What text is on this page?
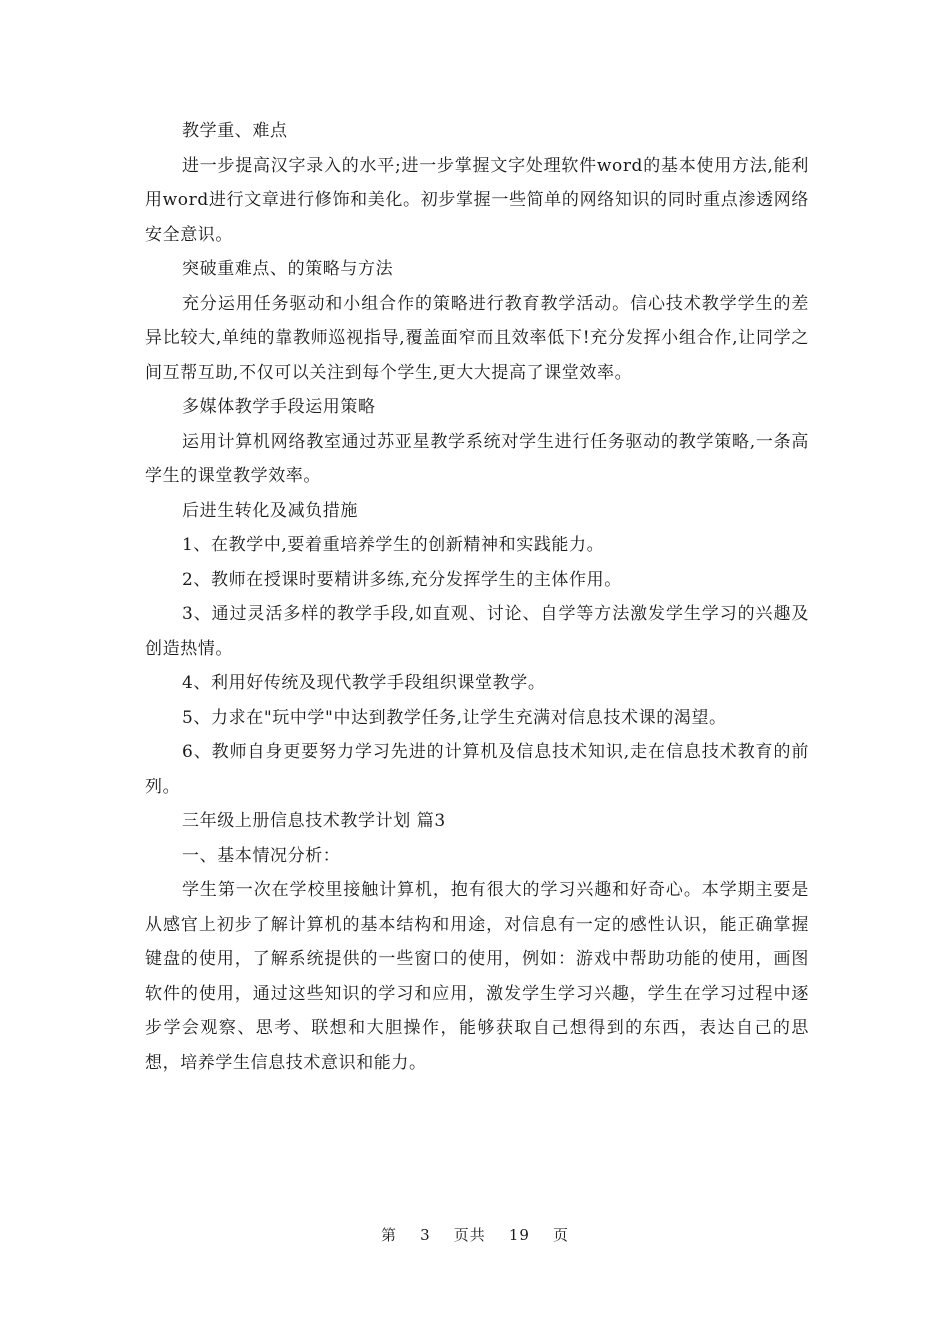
教学重、难点

进一步提高汉字录入的水平;进一步掌握文字处理软件word的基本使用方法,能利用word进行文章进行修饰和美化。初步掌握一些简单的网络知识的同时重点渗透网络安全意识。

突破重难点、的策略与方法

充分运用任务驱动和小组合作的策略进行教育教学活动。信心技术教学学生的差异比较大,单纯的靠教师巡视指导,覆盖面窄而且效率低下!充分发挥小组合作,让同学之间互帮互助,不仅可以关注到每个学生,更大大提高了课堂效率。

多媒体教学手段运用策略

运用计算机网络教室通过苏亚星教学系统对学生进行任务驱动的教学策略,一条高学生的课堂教学效率。

后进生转化及减负措施

1、在教学中,要着重培养学生的创新精神和实践能力。

2、教师在授课时要精讲多练,充分发挥学生的主体作用。

3、通过灵活多样的教学手段,如直观、讨论、自学等方法激发学生学习的兴趣及创造热情。

4、利用好传统及现代教学手段组织课堂教学。

5、力求在"玩中学"中达到教学任务,让学生充满对信息技术课的渴望。

6、教师自身更要努力学习先进的计算机及信息技术知识,走在信息技术教育的前列。

三年级上册信息技术教学计划 篇3

一、基本情况分析：

学生第一次在学校里接触计算机，抱有很大的学习兴趣和好奇心。本学期主要是从感官上初步了解计算机的基本结构和用途，对信息有一定的感性认识，能正确掌握键盘的使用，了解系统提供的一些窗口的使用，例如：游戏中帮助功能的使用，画图软件的使用，通过这些知识的学习和应用，激发学生学习兴趣，学生在学习过程中逐步学会观察、思考、联想和大胆操作，能够获取自己想得到的东西，表达自己的思想，培养学生信息技术意识和能力。

第 3 页共 19 页
